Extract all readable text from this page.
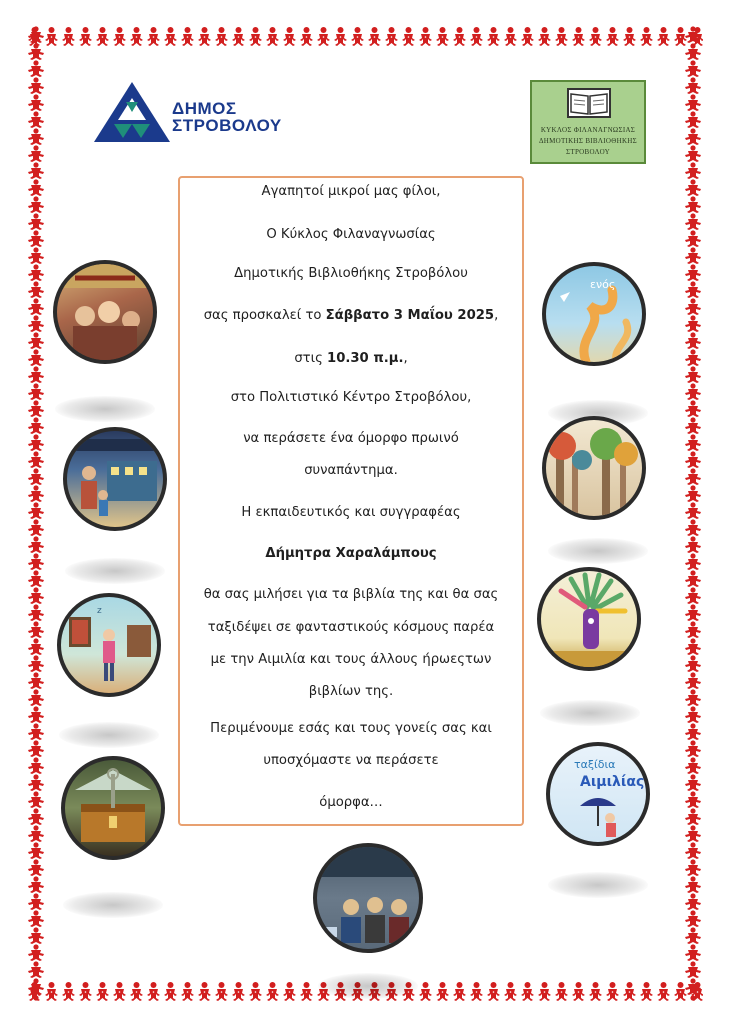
ΔΗΜΟΣ
ΣΤΡΟΒΟΛΟΥ	ΚΥΚΛΟΣ ΦΙΛΑΝΑΓΝΩΣΙΑΣ
ΔΗΜΟΤΙΚΗΣ ΒΙΒΛΙΟΘΗΚΗΣ
ΣΤΡΟΒΟΛΟΥ
Αγαπητοί μικροί μας φίλοι,
Ο Κύκλος Φιλαναγνωσίας
Δημοτικής Βιβλιοθήκης Στροβόλου
σας προσκαλεί το Σάββατο 3 Μαΐου 2025,
στις 10.30 π.μ.,
στο Πολιτιστικό Κέντρο Στροβόλου,
να περάσετε ένα όμορφο πρωινό
συναπάντημα.
Η εκπαιδευτικός και συγγραφέας
Δήμητρα Χαραλάμπους
θα σας μιλήσει για τα βιβλία της και θα σας
ταξιδέψει σε φανταστικούς κόσμους παρέα
με την Αιμιλία και τους άλλους ήρωεςτων
βιβλίων της.
Περιμένουμε εσάς και τους γονείς σας και
υποσχόμαστε να περάσετε
όμορφα…
z
ενός
ταξίδια
Αιμιλίας
